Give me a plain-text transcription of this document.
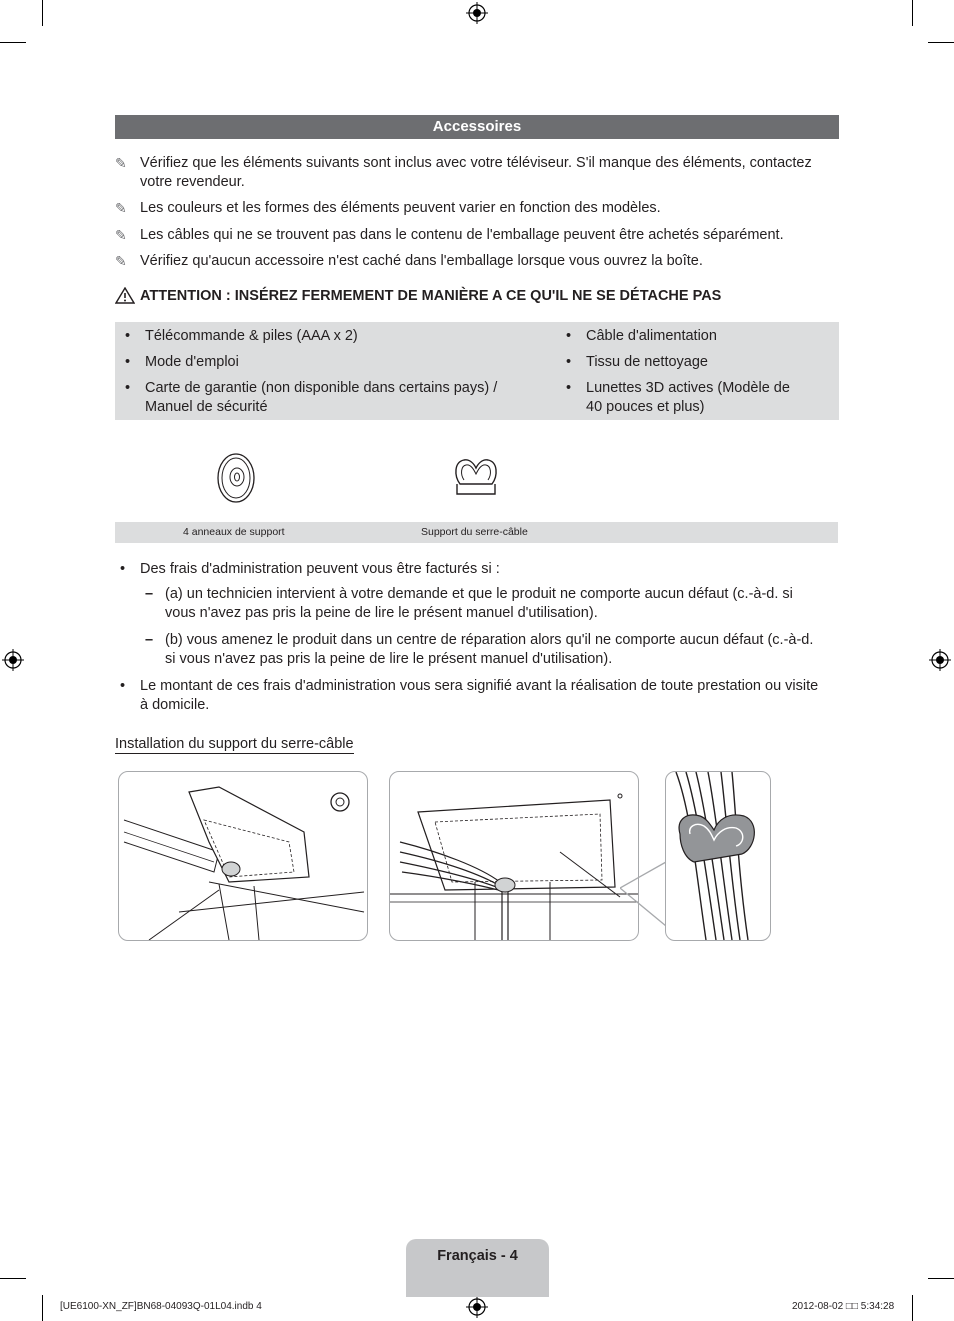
Accessoires
✎ Vérifiez que les éléments suivants sont inclus avec votre téléviseur. S'il manque des éléments, contactez votre revendeur.
✎ Les couleurs et les formes des éléments peuvent varier en fonction des modèles.
✎ Les câbles qui ne se trouvent pas dans le contenu de l'emballage peuvent être achetés séparément.
✎ Vérifiez qu'aucun accessoire n'est caché dans l'emballage lorsque vous ouvrez la boîte.
ATTENTION : INSÉREZ FERMEMENT DE MANIÈRE A CE QU'IL NE SE DÉTACHE PAS
•	Télécommande & piles (AAA x 2)
•	Mode d'emploi
•	Carte de garantie (non disponible dans certains pays) / Manuel de sécurité
•	Câble d'alimentation
•	Tissu de nettoyage
•	Lunettes 3D actives (Modèle de 40 pouces et plus)
4 anneaux de support	Support du serre-câble
•	Des frais d'administration peuvent vous être facturés si :
– (a) un technicien intervient à votre demande et que le produit ne comporte aucun défaut (c.-à-d. si vous n'avez pas pris la peine de lire le présent manuel d'utilisation).
– (b) vous amenez le produit dans un centre de réparation alors qu'il ne comporte aucun défaut (c.-à-d. si vous n'avez pas pris la peine de lire le présent manuel d'utilisation).
•	Le montant de ces frais d'administration vous sera signifié avant la réalisation de toute prestation ou visite à domicile.
Installation du support du serre-câble
Français - 4
[UE6100-XN_ZF]BN68-04093Q-01L04.indb 4	2012-08-02 □□ 5:34:28
